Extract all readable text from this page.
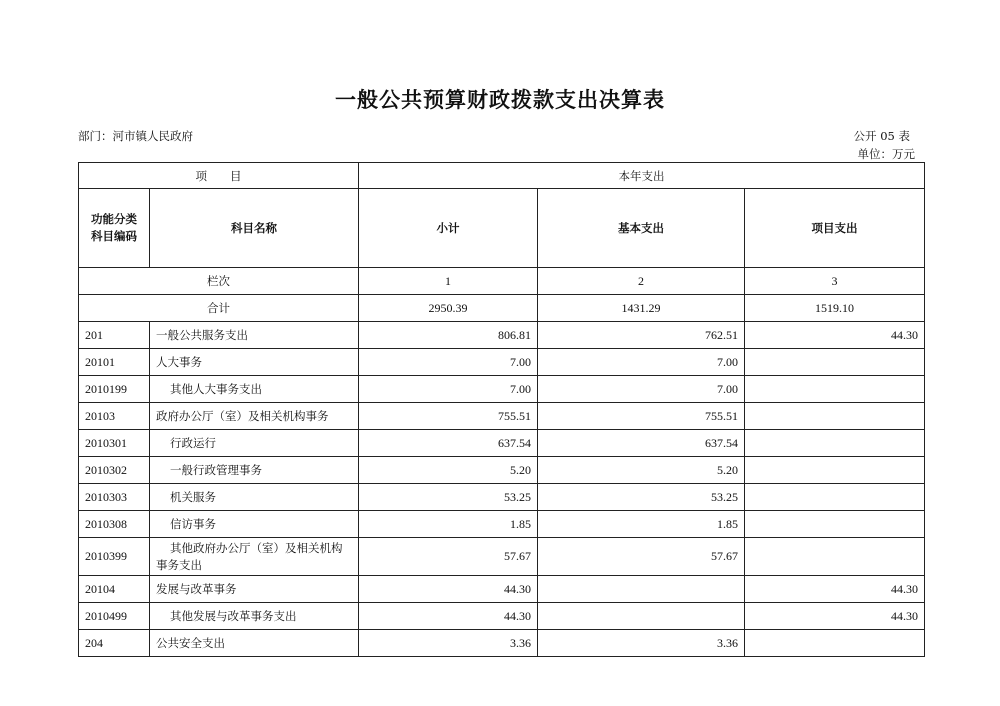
一般公共预算财政拨款支出决算表
部门：河市镇人民政府	公开 05 表
单位：万元
项　　目		本年支出		
功能分类
科目编码	科目名称	小计	基本支出	项目支出
栏次		1	2	3
合计		2950.39	1431.29	1519.10
201	一般公共服务支出	806.81	762.51	44.30
20101	人大事务	7.00	7.00	
2010199	其他人大事务支出	7.00	7.00	
20103	政府办公厅（室）及相关机构事务	755.51	755.51	
2010301	行政运行	637.54	637.54	
2010302	一般行政管理事务	5.20	5.20	
2010303	机关服务	53.25	53.25	
2010308	信访事务	1.85	1.85	
2010399	其他政府办公厅（室）及相关机构
事务支出	57.67	57.67	
20104	发展与改革事务	44.30		44.30
2010499	其他发展与改革事务支出	44.30		44.30
204	公共安全支出	3.36	3.36	
